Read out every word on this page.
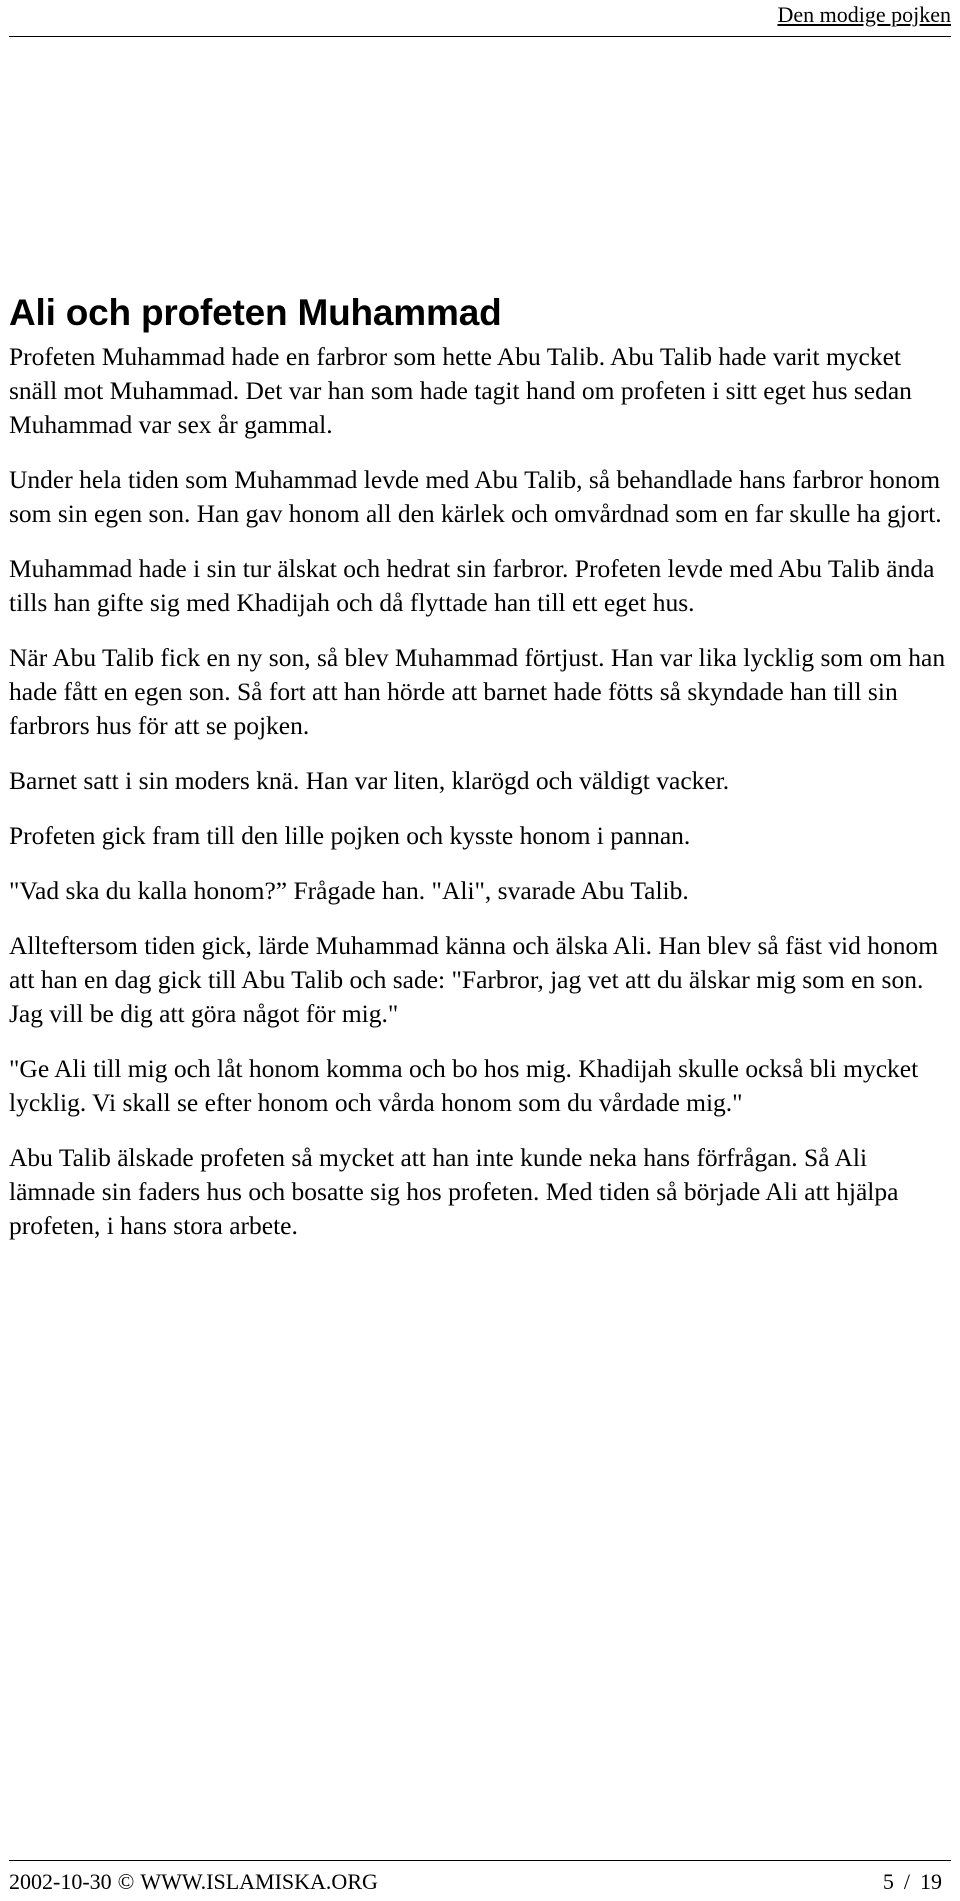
Den modige pojken
Ali och profeten Muhammad

Profeten Muhammad hade en farbror som hette Abu Talib. Abu Talib hade varit mycket snäll mot Muhammad. Det var han som hade tagit hand om profeten i sitt eget hus sedan Muhammad var sex år gammal.

Under hela tiden som Muhammad levde med Abu Talib, så behandlade hans farbror honom som sin egen son. Han gav honom all den kärlek och omvårdnad som en far skulle ha gjort.

Muhammad hade i sin tur älskat och hedrat sin farbror. Profeten levde med Abu Talib ända tills han gifte sig med Khadijah och då flyttade han till ett eget hus.

När Abu Talib fick en ny son, så blev Muhammad förtjust. Han var lika lycklig som om han hade fått en egen son. Så fort att han hörde att barnet hade fötts så skyndade han till sin farbrors hus för att se pojken.

Barnet satt i sin moders knä. Han var liten, klarögd och väldigt vacker.

Profeten gick fram till den lille pojken och kysste honom i pannan.

"Vad ska du kalla honom?” Frågade han. "Ali", svarade Abu Talib.

Allteftersom tiden gick, lärde Muhammad känna och älska Ali. Han blev så fäst vid honom att han en dag gick till Abu Talib och sade: "Farbror, jag vet att du älskar mig som en son. Jag vill be dig att göra något för mig."

"Ge Ali till mig och låt honom komma och bo hos mig. Khadijah skulle också bli mycket lycklig. Vi skall se efter honom och vårda honom som du vårdade mig."

Abu Talib älskade profeten så mycket att han inte kunde neka hans förfrågan. Så Ali lämnade sin faders hus och bosatte sig hos profeten. Med tiden så började Ali att hjälpa profeten, i hans stora arbete.

2002-10-30 © WWW.ISLAMISKA.ORG	5 / 19
